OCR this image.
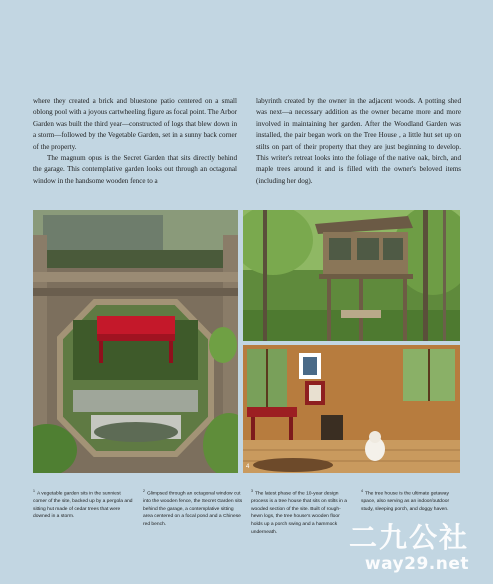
where they created a brick and bluestone patio centered on a small oblong pool with a joyous cartwheeling figure as focal point. The Arbor Garden was built the third year—constructed of logs that blew down in a storm—followed by the Vegetable Garden, set in a sunny back corner of the property.

The magnum opus is the Secret Garden that sits directly behind the garage. This contemplative garden looks out through an octagonal window in the handsome wooden fence to a

labyrinth created by the owner in the adjacent woods. A potting shed was next—a necessary addition as the owner became more and more involved in maintaining her garden. After the Woodland Garden was installed, the pair began work on the Tree House , a little hut set up on stilts on part of their property that they are just beginning to develop. This writer's retreat looks into the foliage of the native oak, birch, and maple trees around it and is filled with the owner's beloved items (including her dog).

4
$^1$A vegetable garden sits in the sunniest corner of the site, backed up by a pergola and sitting hut made of cedar trees that were downed in a storm.
$^2$Glimpsed through an octagonal window cut into the wooden fence, the Secret Garden sits behind the garage, a contemplative sitting area centered on a focal pond and a Chinese red bench.
$^3$The latest phase of the 10-year design process is a tree house that sits on stilts in a wooded section of the site. Built of rough-hewn logs, the tree house's wooden floor holds up a porch swing and a hammock underneath.
$^4$The tree house is the ultimate getaway space, also serving as an indoor/outdoor study, sleeping porch, and doggy haven.
二九公社
way29.net
